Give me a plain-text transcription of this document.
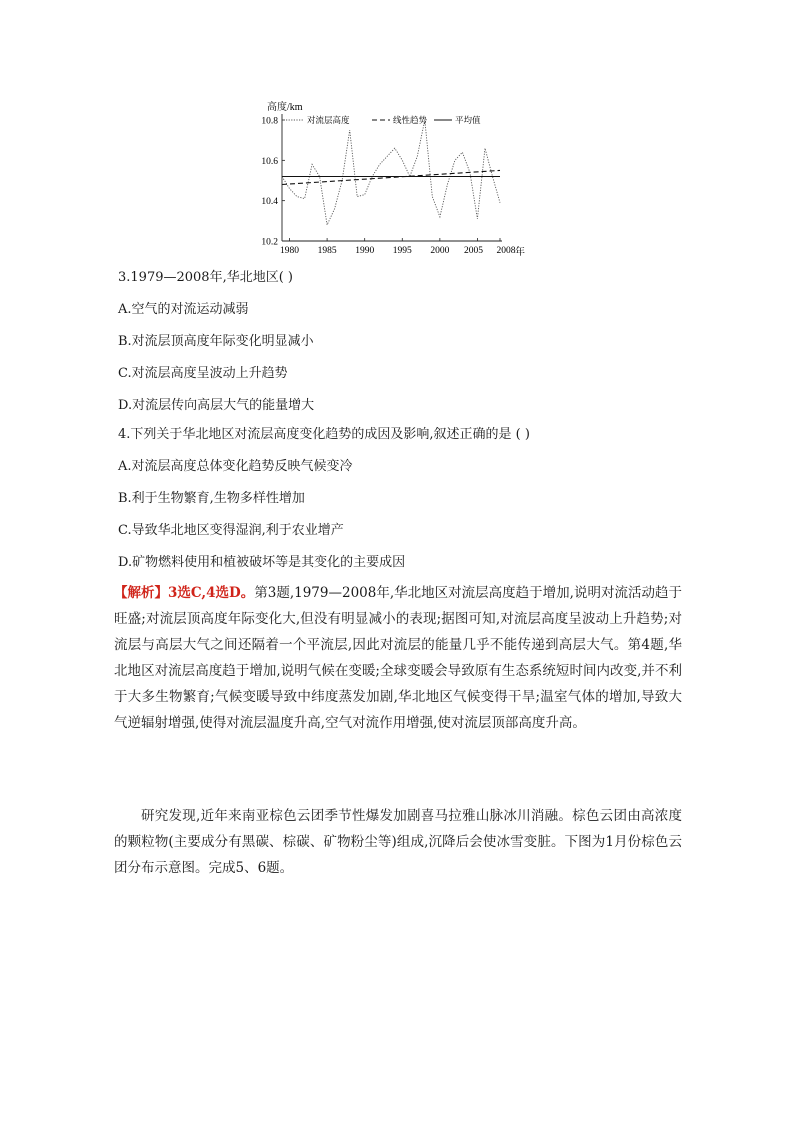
高度/km
10.2
10.4
10.6
10.8
1980 1985 1990 1995 2000 2005 2008
对流层高度	线性趋势	平均值
年
3.1979—2008年,华北地区( )
A.空气的对流运动减弱
B.对流层顶高度年际变化明显减小
C.对流层高度呈波动上升趋势
D.对流层传向高层大气的能量增大
4.下列关于华北地区对流层高度变化趋势的成因及影响,叙述正确的是 ( )
A.对流层高度总体变化趋势反映气候变冷
B.利于生物繁育,生物多样性增加
C.导致华北地区变得湿润,利于农业增产
D.矿物燃料使用和植被破坏等是其变化的主要成因

【解析】3选C,4选D。第3题,1979—2008年,华北地区对流层高度趋于增加,说明对流活动趋于旺盛;对流层顶高度年际变化大,但没有明显减小的表现;据图可知,对流层高度呈波动上升趋势;对流层与高层大气之间还隔着一个平流层,因此对流层的能量几乎不能传递到高层大气。第4题,华北地区对流层高度趋于增加,说明气候在变暖;全球变暖会导致原有生态系统短时间内改变,并不利于大多生物繁育;气候变暖导致中纬度蒸发加剧,华北地区气候变得干旱;温室气体的增加,导致大气逆辐射增强,使得对流层温度升高,空气对流作用增强,使对流层顶部高度升高。

研究发现,近年来南亚棕色云团季节性爆发加剧喜马拉雅山脉冰川消融。棕色云团由高浓度的颗粒物(主要成分有黑碳、棕碳、矿物粉尘等)组成,沉降后会使冰雪变脏。下图为1月份棕色云团分布示意图。完成5、6题。
